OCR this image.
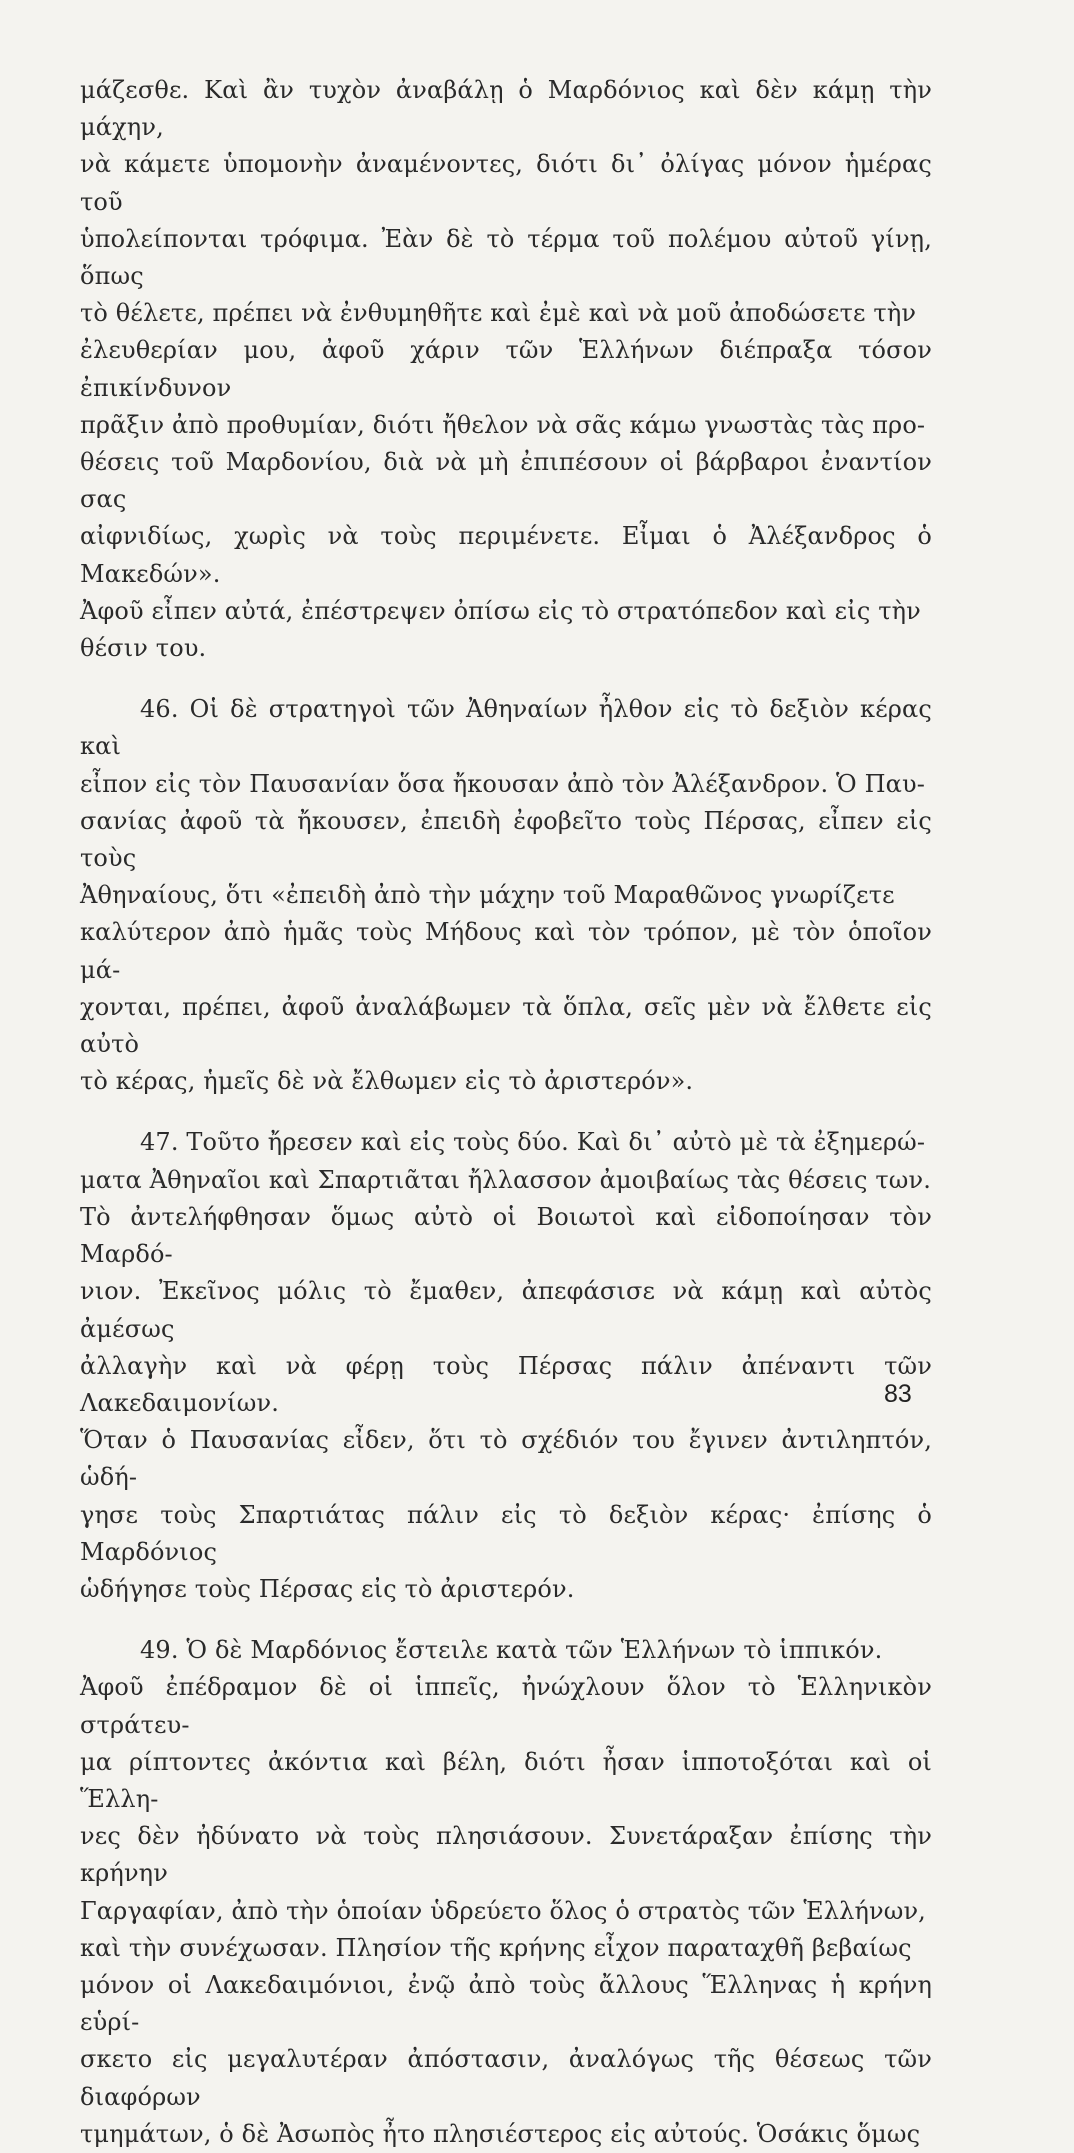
μάζεσθε. Καὶ ἂν τυχὸν ἀναβάλῃ ὁ Μαρδόνιος καὶ δὲν κάμῃ τὴν μάχην,
νὰ κάμετε ὑπομονὴν ἀναμένοντες, διότι δι᾽ ὀλίγας μόνον ἡμέρας τοῦ
ὑπολείπονται τρόφιμα. Ἐὰν δὲ τὸ τέρμα τοῦ πολέμου αὐτοῦ γίνῃ, ὅπως
τὸ θέλετε, πρέπει νὰ ἐνθυμηθῆτε καὶ ἐμὲ καὶ νὰ μοῦ ἀποδώσετε τὴν
ἐλευθερίαν μου, ἀφοῦ χάριν τῶν Ἑλλήνων διέπραξα τόσον ἐπικίνδυνον
πρᾶξιν ἀπὸ προθυμίαν, διότι ἤθελον νὰ σᾶς κάμω γνωστὰς τὰς προ-
θέσεις τοῦ Μαρδονίου, διὰ νὰ μὴ ἐπιπέσουν οἱ βάρβαροι ἐναντίον σας
αἰφνιδίως, χωρὶς νὰ τοὺς περιμένετε. Εἶμαι ὁ Ἀλέξανδρος ὁ Μακεδών».
Ἀφοῦ εἶπεν αὐτά, ἐπέστρεψεν ὀπίσω εἰς τὸ στρατόπεδον καὶ εἰς τὴν
θέσιν του.

46. Οἱ δὲ στρατηγοὶ τῶν Ἀθηναίων ἦλθον εἰς τὸ δεξιὸν κέρας καὶ
εἶπον εἰς τὸν Παυσανίαν ὅσα ἤκουσαν ἀπὸ τὸν Ἀλέξανδρον. Ὁ Παυ-
σανίας ἀφοῦ τὰ ἤκουσεν, ἐπειδὴ ἐφοβεῖτο τοὺς Πέρσας, εἶπεν εἰς τοὺς
Ἀθηναίους, ὅτι «ἐπειδὴ ἀπὸ τὴν μάχην τοῦ Μαραθῶνος γνωρίζετε
καλύτερον ἀπὸ ἡμᾶς τοὺς Μήδους καὶ τὸν τρόπον, μὲ τὸν ὁποῖον μά-
χονται, πρέπει, ἀφοῦ ἀναλάβωμεν τὰ ὅπλα, σεῖς μὲν νὰ ἔλθετε εἰς αὐτὸ
τὸ κέρας, ἡμεῖς δὲ νὰ ἔλθωμεν εἰς τὸ ἀριστερόν».

47. Τοῦτο ἤρεσεν καὶ εἰς τοὺς δύο. Καὶ δι᾽ αὐτὸ μὲ τὰ ἐξημερώ-
ματα Ἀθηναῖοι καὶ Σπαρτιᾶται ἤλλασσον ἀμοιβαίως τὰς θέσεις των.
Τὸ ἀντελήφθησαν ὅμως αὐτὸ οἱ Βοιωτοὶ καὶ εἰδοποίησαν τὸν Μαρδό-
νιον. Ἐκεῖνος μόλις τὸ ἔμαθεν, ἀπεφάσισε νὰ κάμῃ καὶ αὐτὸς ἀμέσως
ἀλλαγὴν καὶ νὰ φέρῃ τοὺς Πέρσας πάλιν ἀπέναντι τῶν Λακεδαιμονίων.
Ὅταν ὁ Παυσανίας εἶδεν, ὅτι τὸ σχέδιόν του ἔγινεν ἀντιληπτόν, ὡδή-
γησε τοὺς Σπαρτιάτας πάλιν εἰς τὸ δεξιὸν κέρας· ἐπίσης ὁ Μαρδόνιος
ὡδήγησε τοὺς Πέρσας εἰς τὸ ἀριστερόν.

49. Ὁ δὲ Μαρδόνιος ἔστειλε κατὰ τῶν Ἑλλήνων τὸ ἱππικόν.
Ἀφοῦ ἐπέδραμον δὲ οἱ ἱππεῖς, ἠνώχλουν ὅλον τὸ Ἑλληνικὸν στράτευ-
μα ρίπτοντες ἀκόντια καὶ βέλη, διότι ἦσαν ἱπποτοξόται καὶ οἱ Ἕλλη-
νες δὲν ἠδύνατο νὰ τοὺς πλησιάσουν. Συνετάραξαν ἐπίσης τὴν κρήνην
Γαργαφίαν, ἀπὸ τὴν ὁποίαν ὑδρεύετο ὅλος ὁ στρατὸς τῶν Ἑλλήνων,
καὶ τὴν συνέχωσαν. Πλησίον τῆς κρήνης εἶχον παραταχθῆ βεβαίως
μόνον οἱ Λακεδαιμόνιοι, ἐνῷ ἀπὸ τοὺς ἄλλους Ἕλληνας ἡ κρήνη εὑρί-
σκετο εἰς μεγαλυτέραν ἀπόστασιν, ἀναλόγως τῆς θέσεως τῶν διαφόρων
τμημάτων, ὁ δὲ Ἀσωπὸς ἦτο πλησιέστερος εἰς αὐτούς. Ὁσάκις ὅμως

83
